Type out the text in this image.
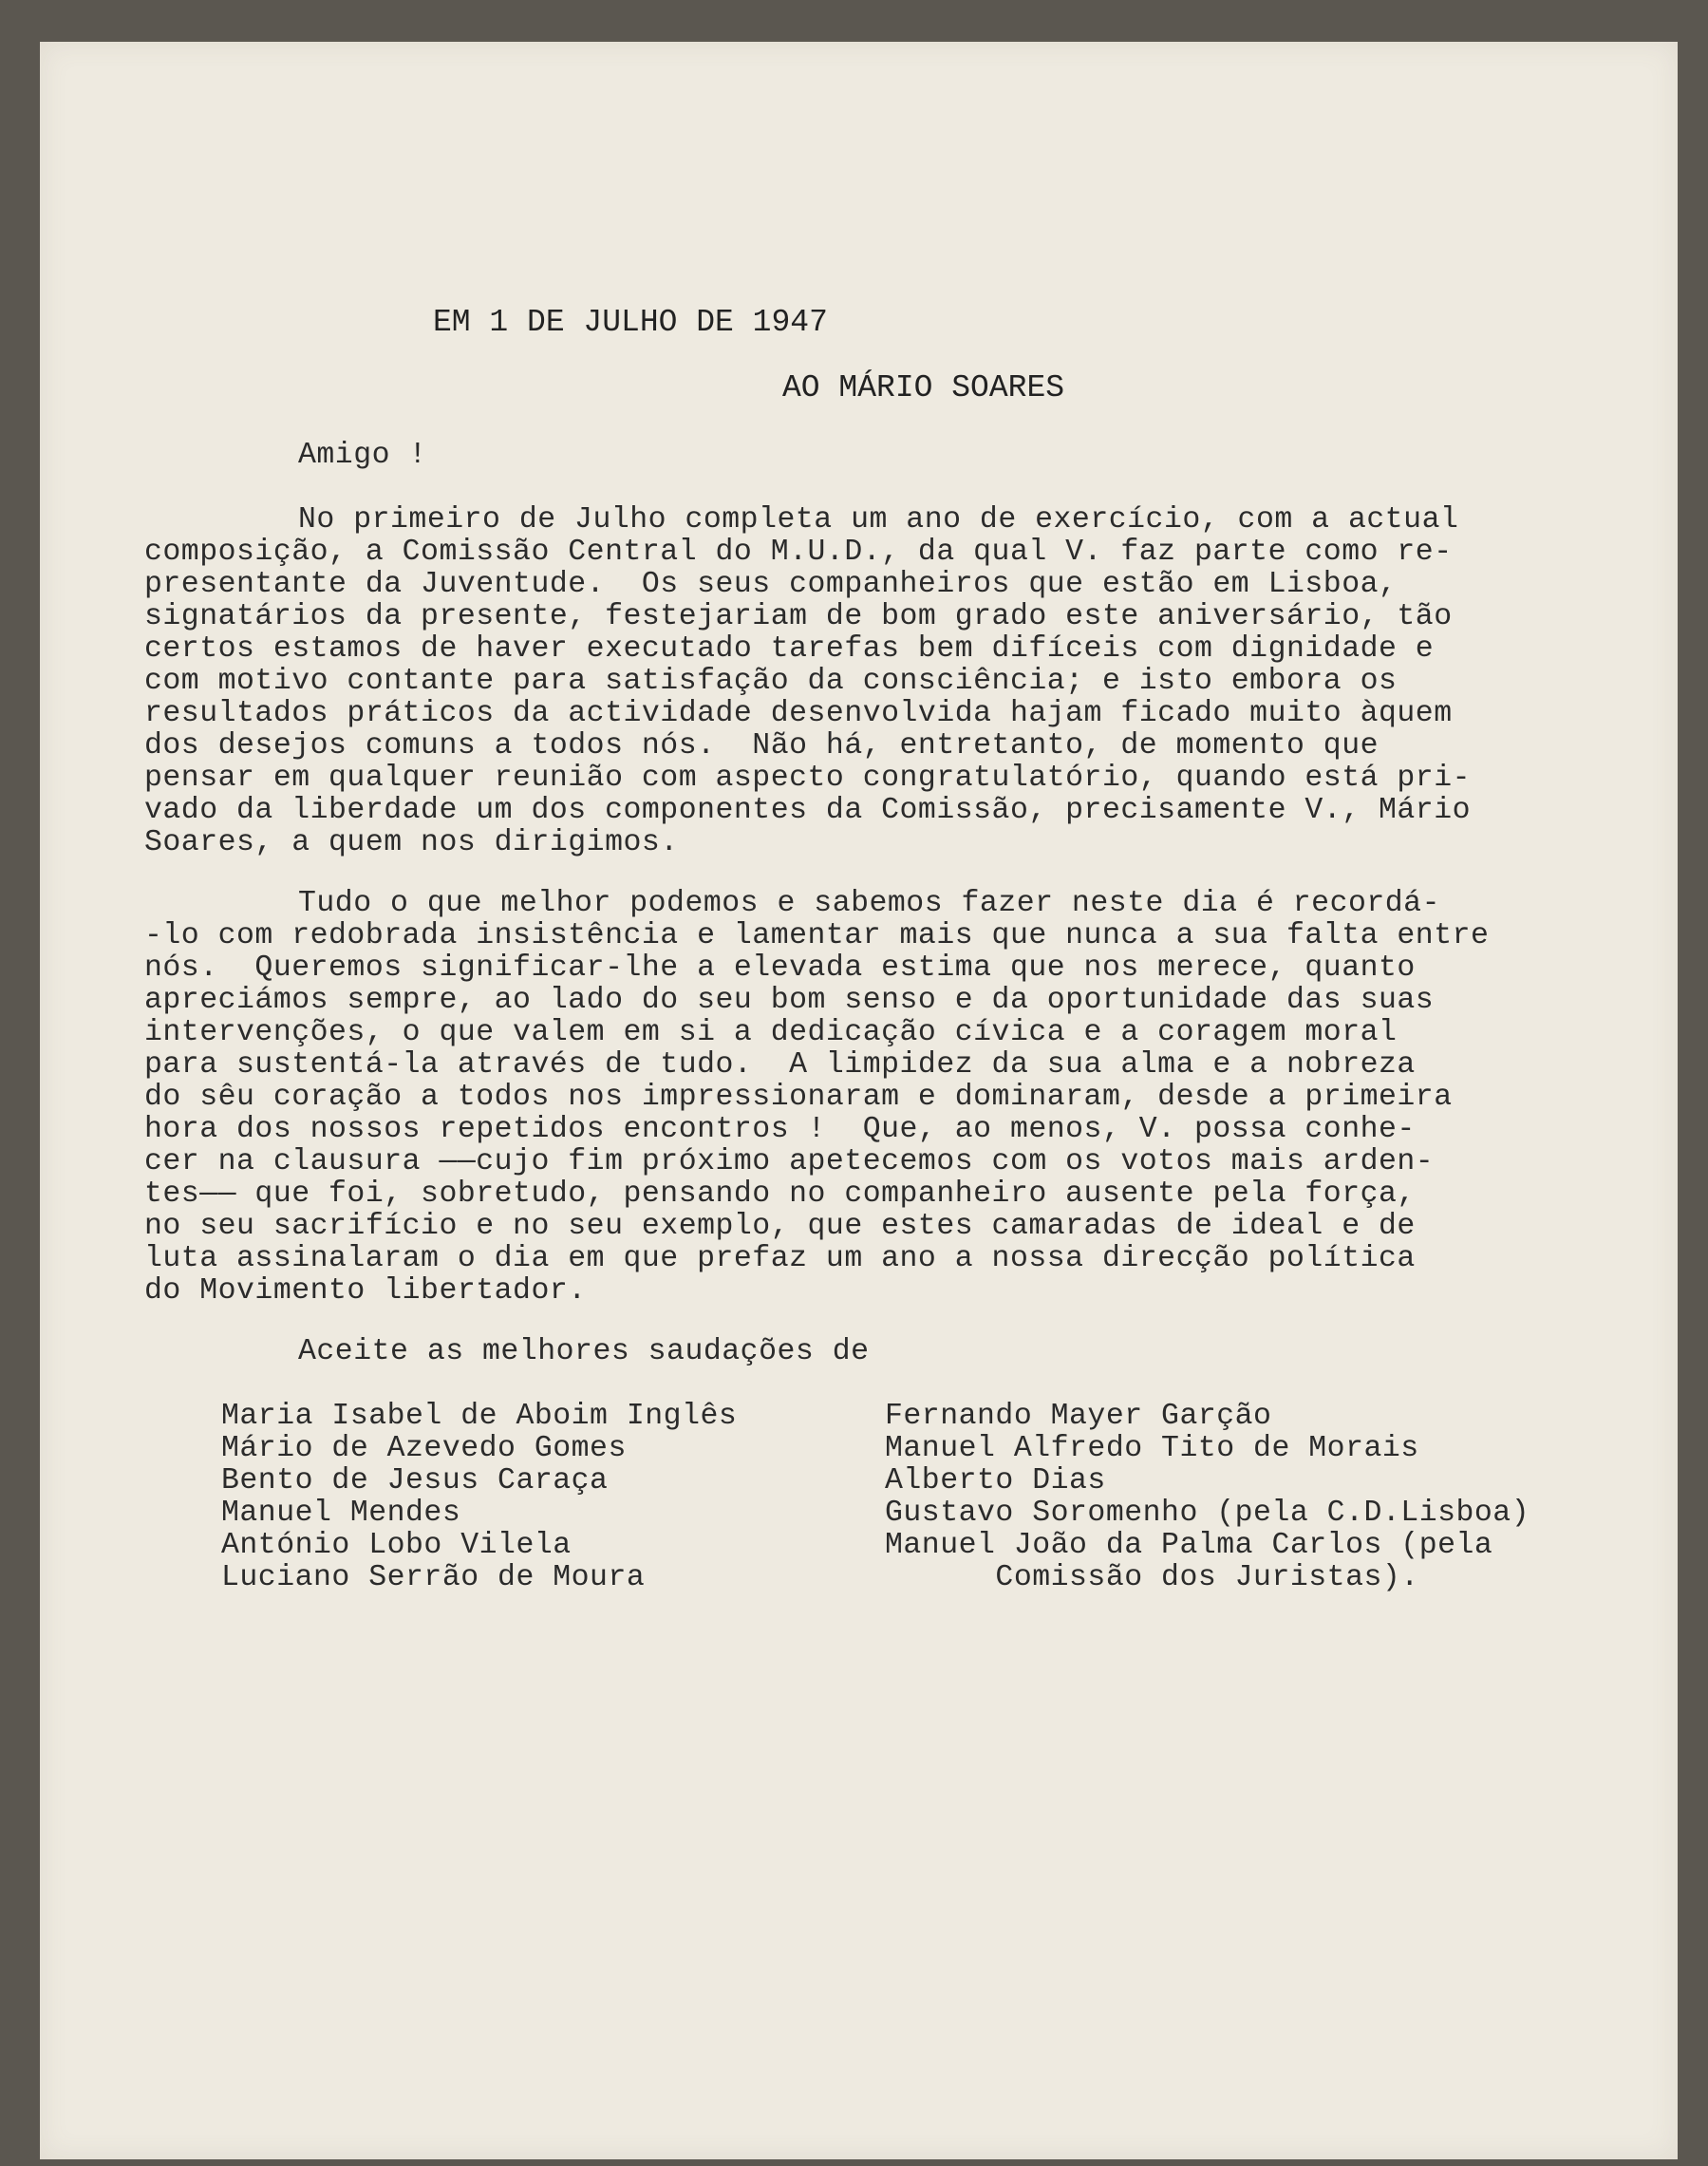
EM 1 DE JULHO DE 1947
AO MÁRIO SOARES
Amigo !
No primeiro de Julho completa um ano de exercício, com a actual
composição, a Comissão Central do M.U.D., da qual V. faz parte como re-
presentante da Juventude.  Os seus companheiros que estão em Lisboa,
signatários da presente, festejariam de bom grado este aniversário, tão
certos estamos de haver executado tarefas bem difíceis com dignidade e
com motivo contante para satisfação da consciência; e isto embora os
resultados práticos da actividade desenvolvida hajam ficado muito àquem
dos desejos comuns a todos nós.  Não há, entretanto, de momento que
pensar em qualquer reunião com aspecto congratulatório, quando está pri-
vado da liberdade um dos componentes da Comissão, precisamente V., Mário
Soares, a quem nos dirigimos.
Tudo o que melhor podemos e sabemos fazer neste dia é recordá-
-lo com redobrada insistência e lamentar mais que nunca a sua falta entre
nós.  Queremos significar-lhe a elevada estima que nos merece, quanto
apreciámos sempre, ao lado do seu bom senso e da oportunidade das suas
intervenções, o que valem em si a dedicação cívica e a coragem moral
para sustentá-la através de tudo.  A limpidez da sua alma e a nobreza
do sêu coração a todos nos impressionaram e dominaram, desde a primeira
hora dos nossos repetidos encontros !  Que, ao menos, V. possa conhe-
cer na clausura ——cujo fim próximo apetecemos com os votos mais arden-
tes—— que foi, sobretudo, pensando no companheiro ausente pela força,
no seu sacrifício e no seu exemplo, que estes camaradas de ideal e de
luta assinalaram o dia em que prefaz um ano a nossa direcção política
do Movimento libertador.
Aceite as melhores saudações de
Maria Isabel de Aboim Inglês
Mário de Azevedo Gomes
Bento de Jesus Caraça
Manuel Mendes
António Lobo Vilela
Luciano Serrão de Moura
Fernando Mayer Garção
Manuel Alfredo Tito de Morais
Alberto Dias
Gustavo Soromenho (pela C.D.Lisboa)
Manuel João da Palma Carlos (pela
Comissão dos Juristas).
